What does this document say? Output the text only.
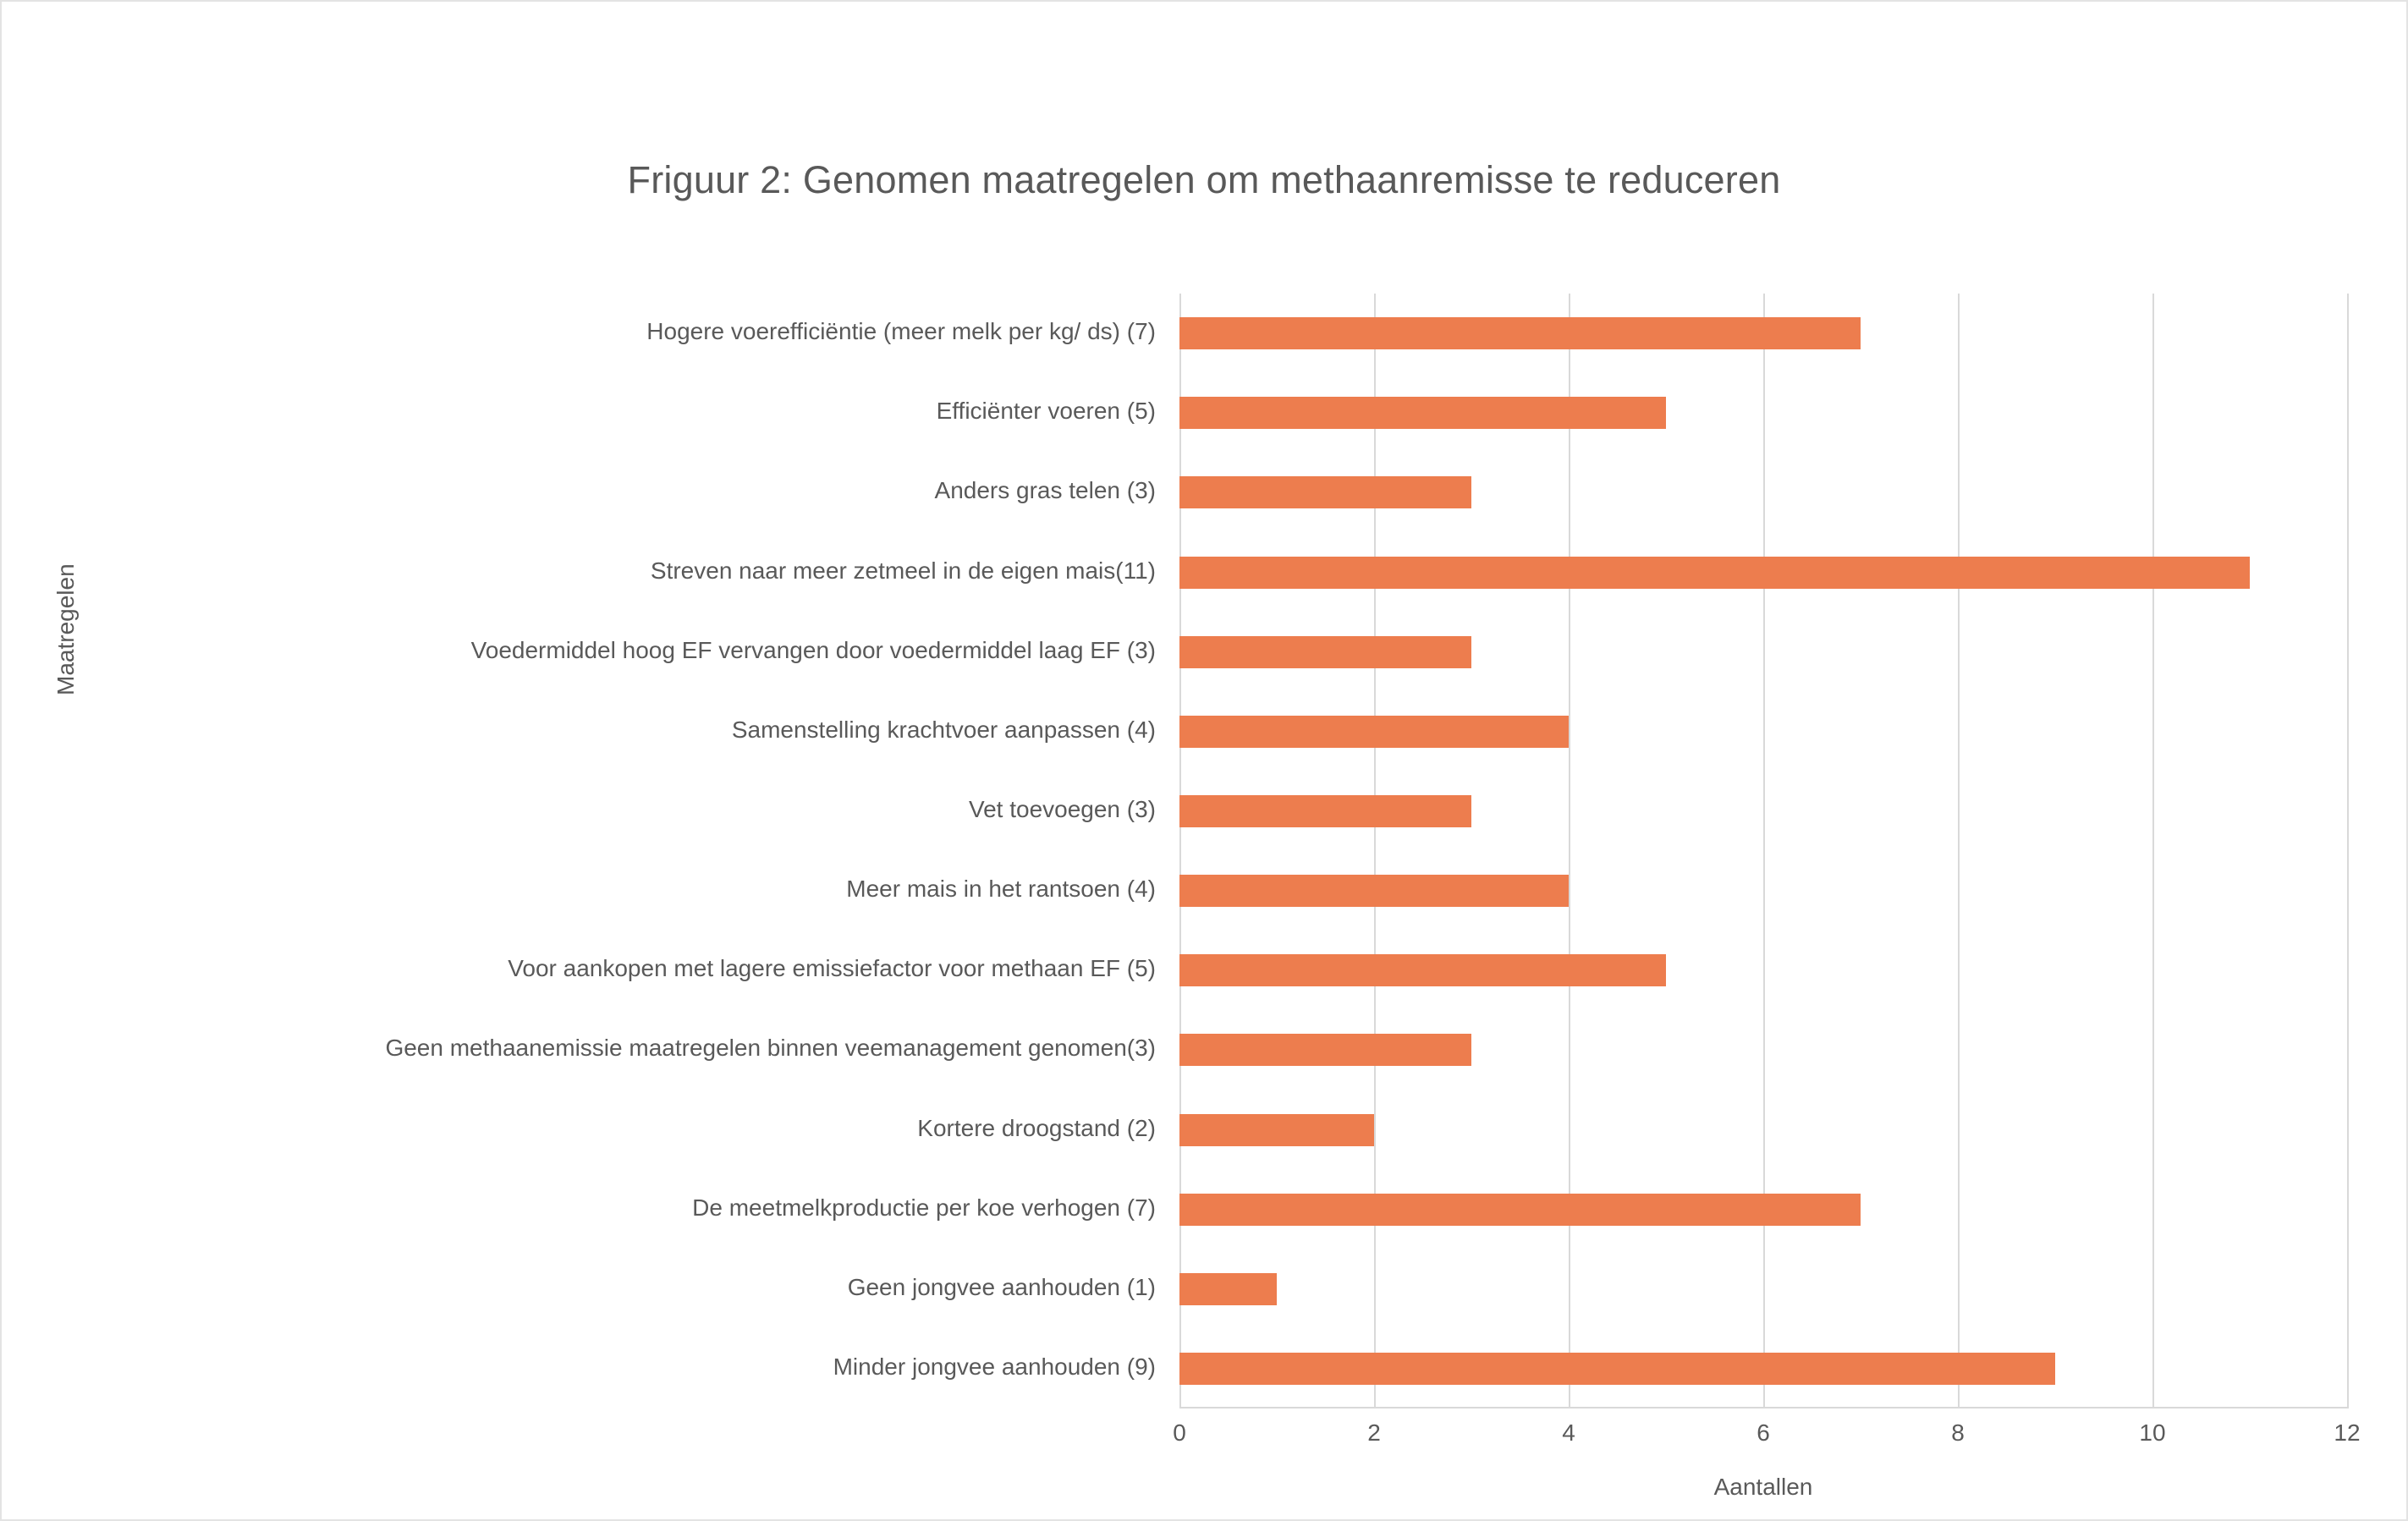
Friguur 2: Genomen maatregelen om methaanremisse te reduceren
Maatregelen
Aantallen
Hogere voerefficiëntie (meer melk per kg/ ds) (7)
Efficiënter voeren (5)
Anders gras telen (3)
Streven naar meer zetmeel in de eigen mais(11)
Voedermiddel hoog EF vervangen door voedermiddel laag EF (3)
Samenstelling krachtvoer aanpassen (4)
Vet toevoegen (3)
Meer mais in het rantsoen (4)
Voor aankopen met lagere emissiefactor voor methaan EF (5)
Geen methaanemissie maatregelen binnen veemanagement genomen(3)
Kortere droogstand (2)
De meetmelkproductie per koe verhogen (7)
Geen jongvee aanhouden (1)
Minder jongvee aanhouden (9)
0	2	4	6	8	10	12
